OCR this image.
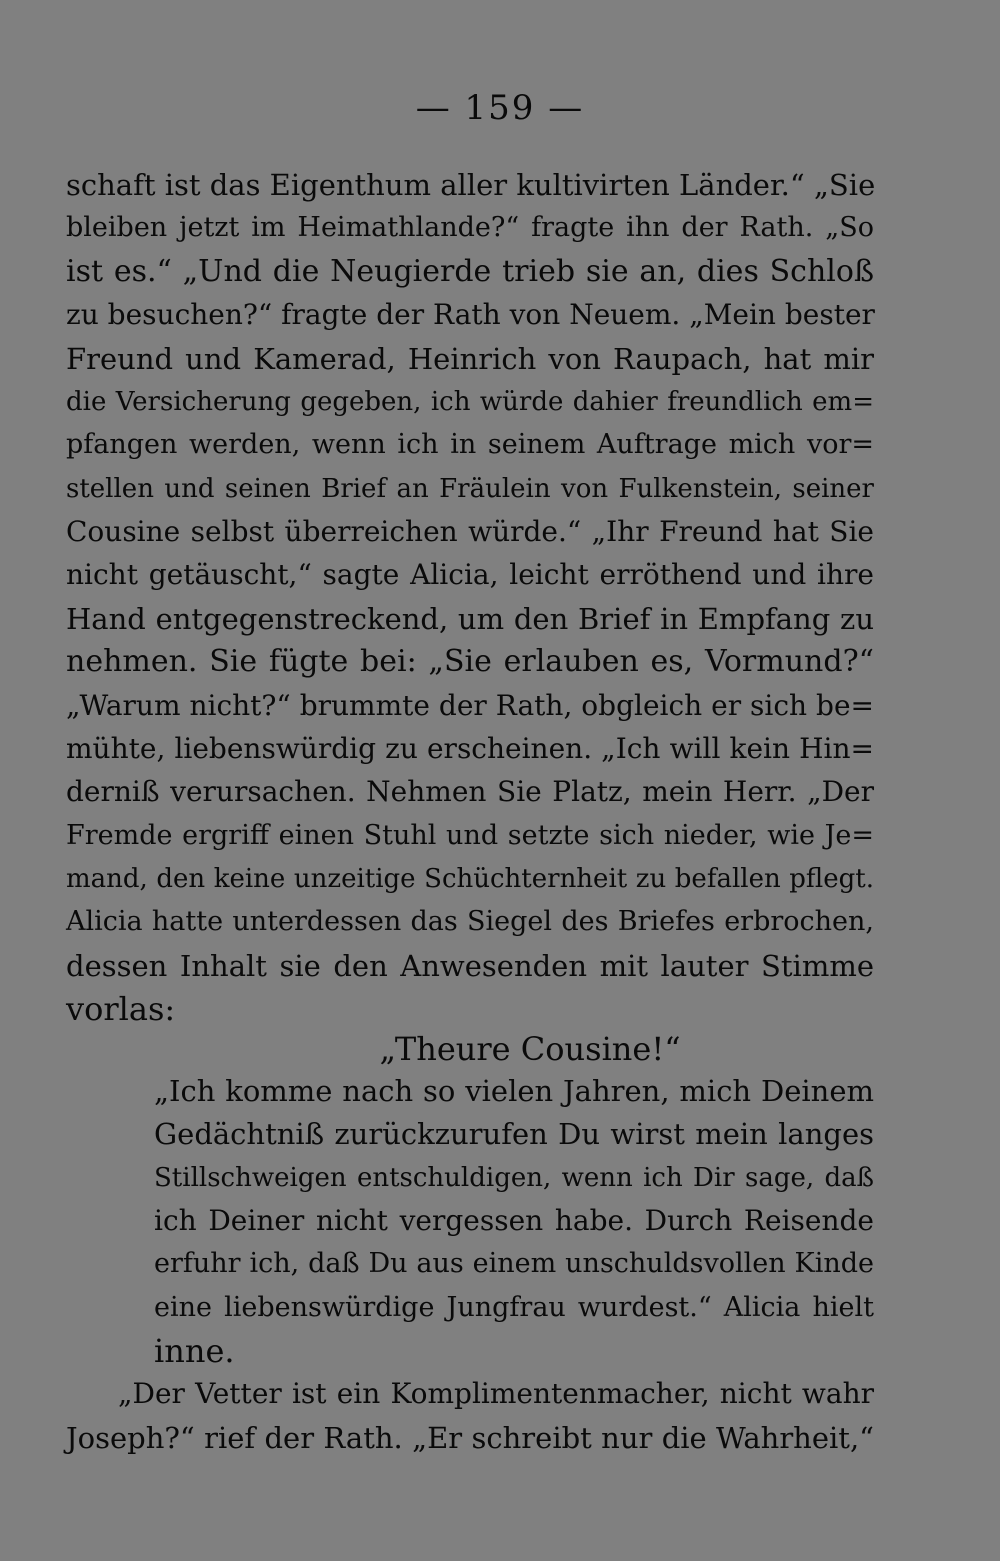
— 159 —
schaft ist das Eigenthum aller kultivirten Länder.“ „Sie
bleiben jetzt im Heimathlande?“ fragte ihn der Rath. „So
ist es.“ „Und die Neugierde trieb sie an, dies Schloß
zu besuchen?“ fragte der Rath von Neuem. „Mein bester
Freund und Kamerad, Heinrich von Raupach, hat mir
die Versicherung gegeben, ich würde dahier freundlich em=
pfangen werden, wenn ich in seinem Auftrage mich vor=
stellen und seinen Brief an Fräulein von Fulkenstein, seiner
Cousine selbst überreichen würde.“ „Ihr Freund hat Sie
nicht getäuscht,“ sagte Alicia, leicht erröthend und ihre
Hand entgegenstreckend, um den Brief in Empfang zu
nehmen. Sie fügte bei: „Sie erlauben es, Vormund?“
„Warum nicht?“ brummte der Rath, obgleich er sich be=
mühte, liebenswürdig zu erscheinen. „Ich will kein Hin=
derniß verursachen. Nehmen Sie Platz, mein Herr. „Der
Fremde ergriff einen Stuhl und setzte sich nieder, wie Je=
mand, den keine unzeitige Schüchternheit zu befallen pflegt.
Alicia hatte unterdessen das Siegel des Briefes erbrochen,
dessen Inhalt sie den Anwesenden mit lauter Stimme
vorlas:
„Theure Cousine!“
„Ich komme nach so vielen Jahren, mich Deinem
Gedächtniß zurückzurufen Du wirst mein langes
Stillschweigen entschuldigen, wenn ich Dir sage, daß
ich Deiner nicht vergessen habe. Durch Reisende
erfuhr ich, daß Du aus einem unschuldsvollen Kinde
eine liebenswürdige Jungfrau wurdest.“ Alicia hielt
inne.
„Der Vetter ist ein Komplimentenmacher, nicht wahr
Joseph?“ rief der Rath. „Er schreibt nur die Wahrheit,“
